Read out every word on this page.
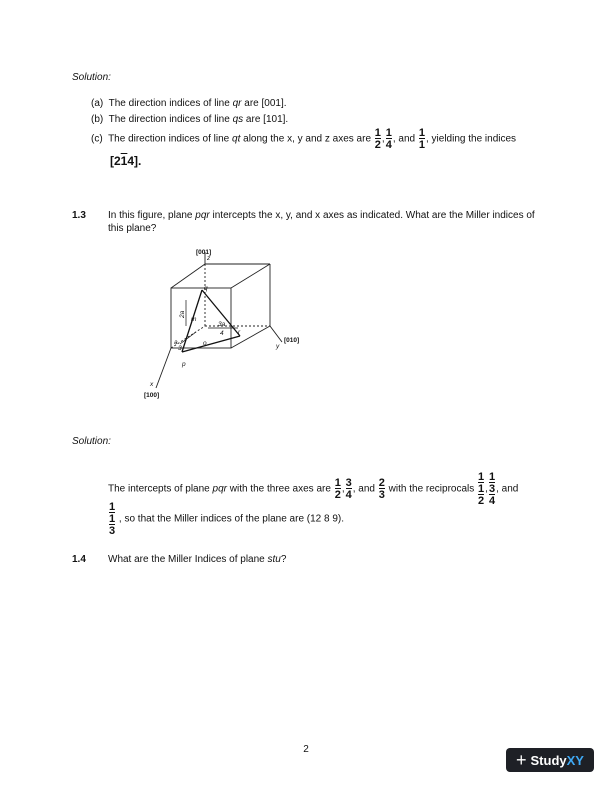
Solution:
(a) The direction indices of line qr are [001].
(b) The direction indices of line qs are [101].
(c) The direction indices of line qt along the x, y and z axes are $\frac{1}{2}$ , $\frac{1}{4}$ , and $\frac{1}{1}$ , yielding the indices
[214].
1.3 In this figure, plane pqr intercepts the x, y, and x axes as indicated. What are the Miller indices of
this plane?
[001]
z
[010]
y
x
[100]
q
p
r
o
m
2a
3a
4
a
3
Solution:
The intercepts of plane pqr with the three axes are $\frac{1}{2}$ , $\frac{3}{4}$ , and $\frac{2}{3}$ with the reciprocals
1
1
2
,
1
3
4
, and
1
1
3
, so that the Miller indices of the plane are (12 8 9).
1.4 What are the Miller Indices of plane stu?
2
+ Study XY
